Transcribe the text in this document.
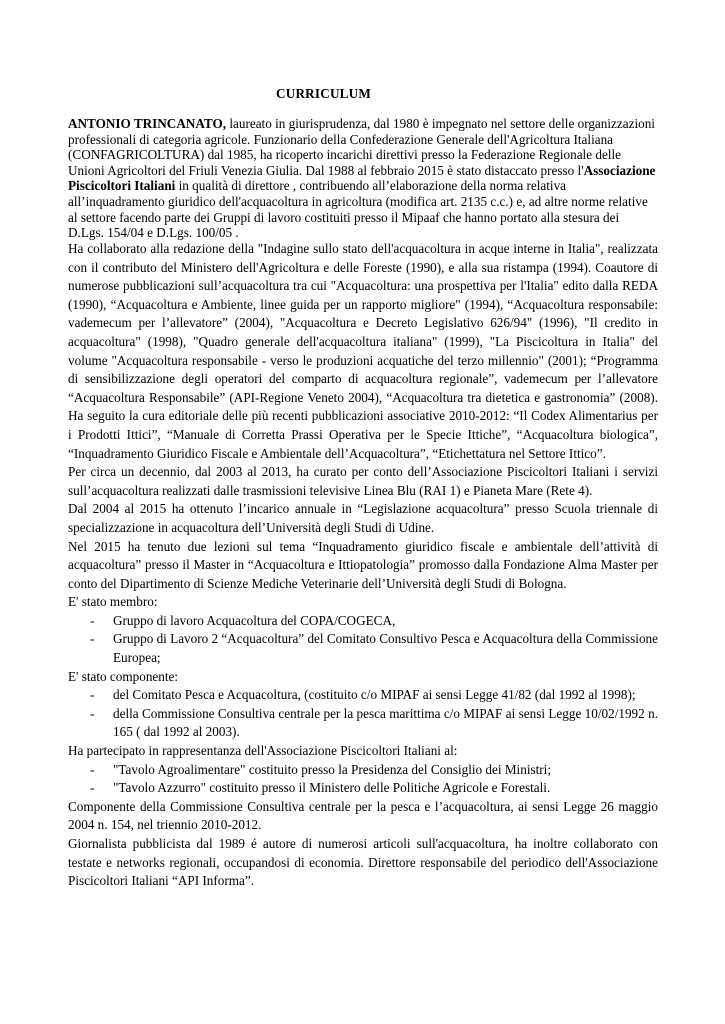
CURRICULUM
ANTONIO TRINCANATO, laureato in giurisprudenza, dal 1980 è impegnato nel settore delle organizzazioni professionali di categoria agricole. Funzionario della Confederazione Generale dell'Agricoltura Italiana (CONFAGRICOLTURA) dal 1985, ha ricoperto incarichi direttivi presso la Federazione Regionale delle Unioni Agricoltori del Friuli Venezia Giulia. Dal 1988 al febbraio 2015 è stato distaccato presso l'Associazione Piscicoltori Italiani in qualità di direttore , contribuendo all’elaborazione della norma relativa all’inquadramento giuridico dell'acquacoltura in agricoltura (modifica art. 2135 c.c.) e, ad altre norme relative al settore facendo parte dei Gruppi di lavoro costituiti presso il Mipaaf che hanno portato alla stesura dei D.Lgs. 154/04 e D.Lgs. 100/05 .

Ha collaborato alla redazione della "Indagine sullo stato dell'acquacoltura in acque interne in Italia", realizzata con il contributo del Ministero dell'Agricoltura e delle Foreste (1990), e alla sua ristampa (1994). Coautore di numerose pubblicazioni sull’acquacoltura tra cui "Acquacoltura: una prospettiva per l'Italia" edito dalla REDA (1990), “Acquacoltura e Ambiente, linee guida per un rapporto migliore" (1994), “Acquacoltura responsabile: vademecum per l’allevatore” (2004), "Acquacoltura e Decreto Legislativo 626/94" (1996), "Il credito in acquacoltura" (1998), "Quadro generale dell'acquacoltura italiana" (1999), "La Piscicoltura in Italia" del volume "Acquacoltura responsabile - verso le produzioni acquatiche del terzo millennio" (2001); “Programma di sensibilizzazione degli operatori del comparto di acquacoltura regionale”, vademecum per l’allevatore “Acquacoltura Responsabile” (API-Regione Veneto 2004), “Acquacoltura tra dietetica e gastronomia” (2008). Ha seguito la cura editoriale delle più recenti pubblicazioni associative 2010-2012: “Il Codex Alimentarius per i Prodotti Ittici”, “Manuale di Corretta Prassi Operativa per le Specie Ittiche”, “Acquacoltura biologica”, “Inquadramento Giuridico Fiscale e Ambientale dell’Acquacoltura”, “Etichettatura nel Settore Ittico”.

Per circa un decennio, dal 2003 al 2013, ha curato per conto dell’Associazione Piscicoltori Italiani i servizi sull’acquacoltura realizzati dalle trasmissioni televisive Linea Blu (RAI 1) e Pianeta Mare (Rete 4).

Dal 2004 al 2015 ha ottenuto l’incarico annuale in “Legislazione acquacoltura” presso Scuola triennale di specializzazione in acquacoltura dell’Università degli Studi di Udine.

Nel 2015 ha tenuto due lezioni sul tema “Inquadramento giuridico fiscale e ambientale dell’attività di acquacoltura” presso il Master in “Acquacoltura e Ittiopatologia” promosso dalla Fondazione Alma Master per conto del Dipartimento di Scienze Mediche Veterinarie dell’Università degli Studi di Bologna.

E' stato membro:

- Gruppo di lavoro Acquacoltura del COPA/COGECA,
- Gruppo di Lavoro 2 “Acquacoltura” del Comitato Consultivo Pesca e Acquacoltura della Commissione Europea;

E' stato componente:

- del Comitato Pesca e Acquacoltura, (costituito c/o MIPAF ai sensi Legge 41/82 (dal 1992 al 1998);
- della Commissione Consultiva centrale per la pesca marittima c/o MIPAF ai sensi Legge 10/02/1992 n. 165 ( dal 1992 al 2003).

Ha partecipato in rappresentanza dell'Associazione Piscicoltori Italiani al:

- "Tavolo Agroalimentare" costituito presso la Presidenza del Consiglio dei Ministri;
- "Tavolo Azzurro" costituito presso il Ministero delle Politiche Agricole e Forestali.

Componente della Commissione Consultiva centrale per la pesca e l’acquacoltura, ai sensi Legge 26 maggio 2004 n. 154, nel triennio 2010-2012.

Giornalista pubblicista dal 1989 é autore di numerosi articoli sull'acquacoltura, ha inoltre collaborato con testate e networks regionali, occupandosi di economia. Direttore responsabile del periodico dell'Associazione Piscicoltori Italiani “API Informa”.
